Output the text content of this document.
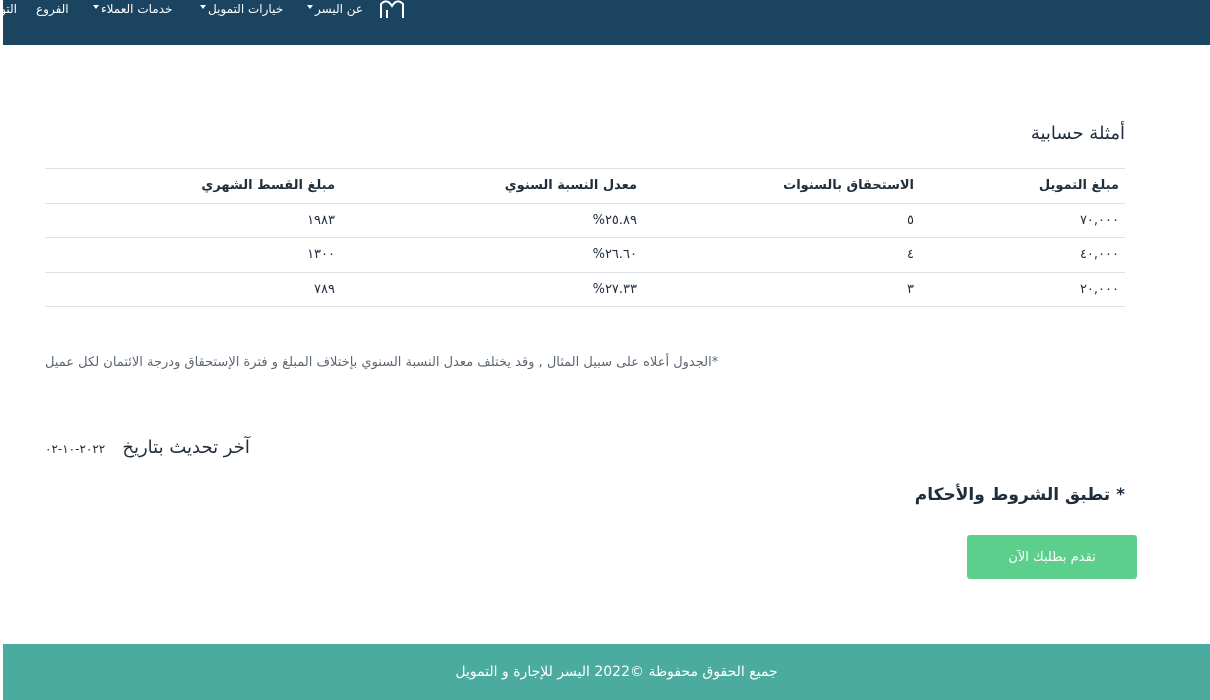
عن اليسر
خيارات التمويل
خدمات العملاء
الفروع
التو
أمثلة حسابية
مبلغ التمويل	الاستحقاق بالسنوات	معدل النسبة السنوي	مبلغ القسط الشهري
٧٠,٠٠٠	٥	٢٥.٨٩%	١٩٨٣
٤٠,٠٠٠	٤	٢٦.٦٠%	١٣٠٠
٢٠,٠٠٠	٣	٢٧.٣٣%	٧٨٩

*الجدول أعلاه على سبيل المثال , وقد يختلف معدل النسبة السنوي بإختلاف المبلغ و فترة الإستحقاق ودرجة الائتمان لكل عميل

آخر تحديث بتاريخ ٢٠٢٢-١٠-٠٢
* تطبق الشروط والأحكام
تقدم بطلبك الآن
جميع الحقوق محفوظة ©2022 اليسر للإجارة و التمويل
